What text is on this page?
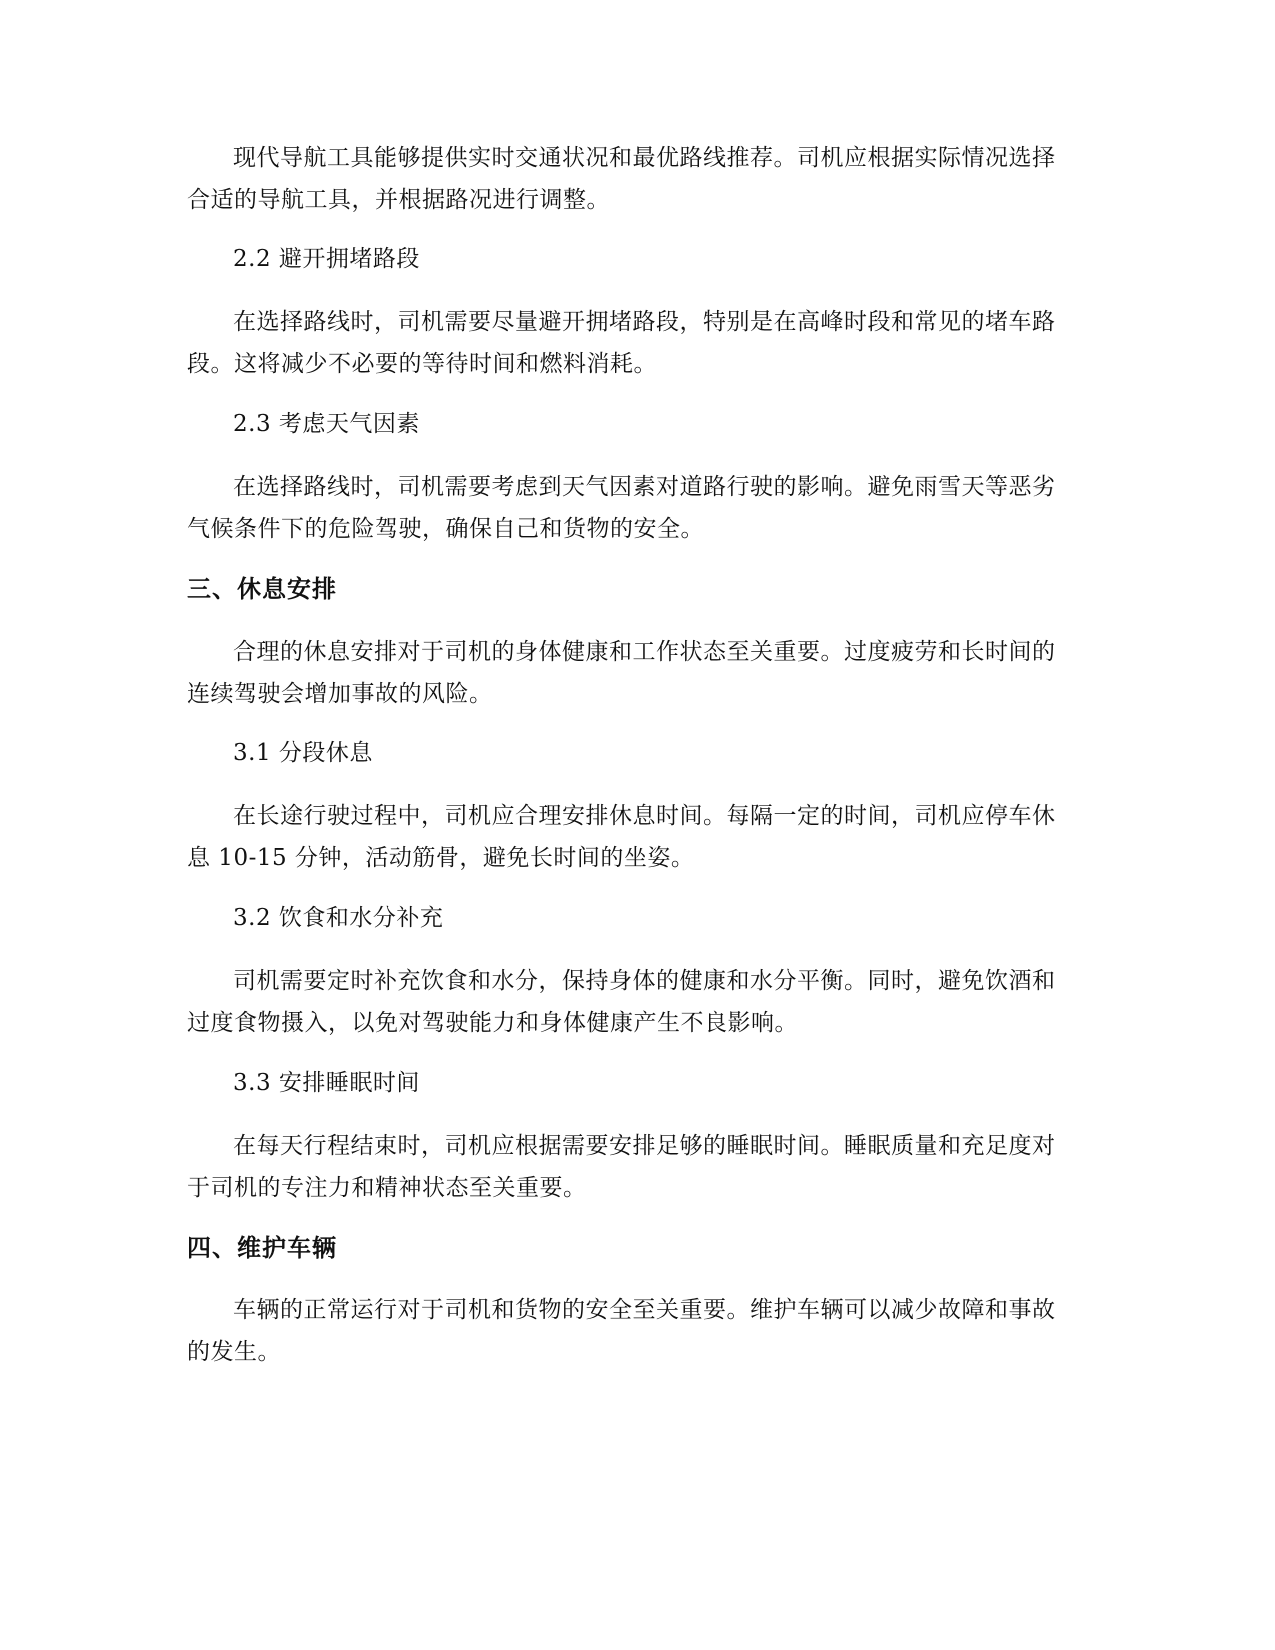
现代导航工具能够提供实时交通状况和最优路线推荐。司机应根据实际情况选择合适的导航工具，并根据路况进行调整。

2.2 避开拥堵路段

在选择路线时，司机需要尽量避开拥堵路段，特别是在高峰时段和常见的堵车路段。这将减少不必要的等待时间和燃料消耗。

2.3 考虑天气因素

在选择路线时，司机需要考虑到天气因素对道路行驶的影响。避免雨雪天等恶劣气候条件下的危险驾驶，确保自己和货物的安全。

三、休息安排

合理的休息安排对于司机的身体健康和工作状态至关重要。过度疲劳和长时间的连续驾驶会增加事故的风险。

3.1 分段休息

在长途行驶过程中，司机应合理安排休息时间。每隔一定的时间，司机应停车休息 10-15 分钟，活动筋骨，避免长时间的坐姿。

3.2 饮食和水分补充

司机需要定时补充饮食和水分，保持身体的健康和水分平衡。同时，避免饮酒和过度食物摄入，以免对驾驶能力和身体健康产生不良影响。

3.3 安排睡眠时间

在每天行程结束时，司机应根据需要安排足够的睡眠时间。睡眠质量和充足度对于司机的专注力和精神状态至关重要。

四、维护车辆

车辆的正常运行对于司机和货物的安全至关重要。维护车辆可以减少故障和事故的发生。
